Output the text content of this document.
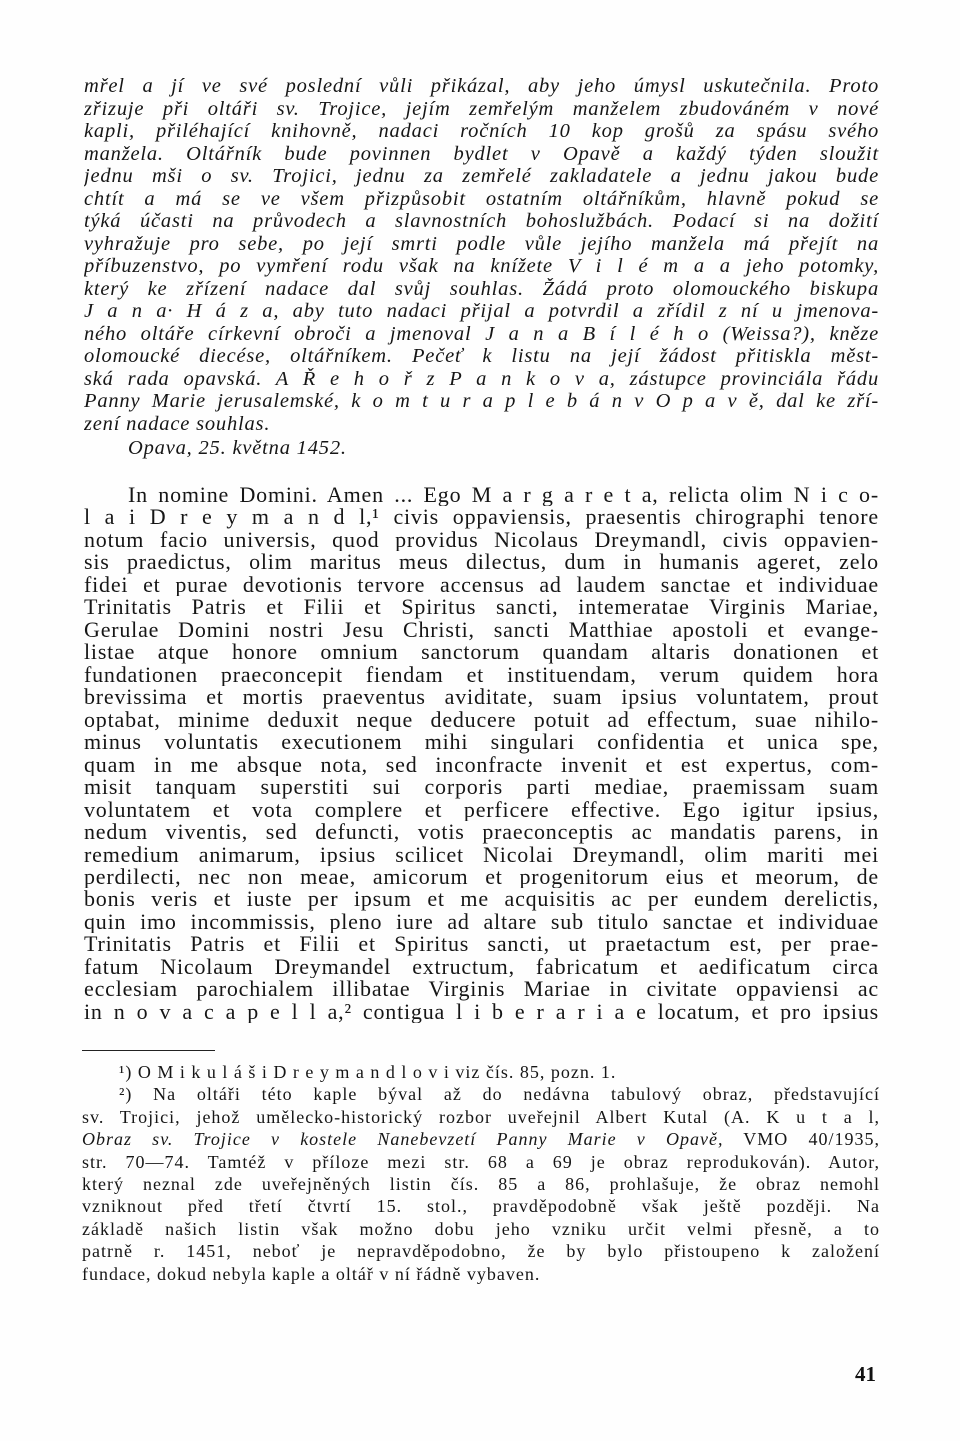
mřel a jí ve své poslední vůli přikázal, aby jeho úmysl uskutečnila. Proto
zřizuje při oltáři sv. Trojice, jejím zemřelým manželem zbudováném v nové
kapli, přiléhající knihovně, nadaci ročních 10 kop grošů za spásu svého
manžela. Oltářník bude povinnen bydlet v Opavě a každý týden sloužit
jednu mši o sv. Trojici, jednu za zemřelé zakladatele a jednu jakou bude
chtít a má se ve všem přizpůsobit ostatním oltářníkům, hlavně pokud se
týká účasti na průvodech a slavnostních bohoslužbách. Podací si na dožití
vyhražuje pro sebe, po její smrti podle vůle jejího manžela má přejít na
příbuzenstvo, po vymření rodu však na knížete V i l é m a a jeho potomky,
který ke zřízení nadace dal svůj souhlas. Žádá proto olomouckého biskupa
J a n a· H á z a, aby tuto nadaci přijal a potvrdil a zřídil z ní u jmenova-
ného oltáře církevní obroči a jmenoval J a n a B í l é h o (Weissa?), kněze
olomoucké diecése, oltářníkem. Pečeť k listu na její žádost přitiskla měst-
ská rada opavská. A Ř e h o ř z P a n k o v a, zástupce provinciála řádu
Panny Marie jerusalemské, k o m t u r a p l e b á n v O p a v ě, dal ke zří-
zení nadace souhlas.
Opava, 25. května 1452.
In nomine Domini. Amen ... Ego M a r g a r e t a, relicta olim N i c o-
l a i D r e y m a n d l,¹ civis oppaviensis, praesentis chirographi tenore
notum facio universis, quod providus Nicolaus Dreymandl, civis oppavien-
sis praedictus, olim maritus meus dilectus, dum in humanis ageret, zelo
fidei et purae devotionis tervore accensus ad laudem sanctae et individuae
Trinitatis Patris et Filii et Spiritus sancti, intemeratae Virginis Mariae,
Gerulae Domini nostri Jesu Christi, sancti Matthiae apostoli et evange-
listae atque honore omnium sanctorum quandam altaris donationen et
fundationen praeconcepit fiendam et instituendam, verum quidem hora
brevissima et mortis praeventus aviditate, suam ipsius voluntatem, prout
optabat, minime deduxit neque deducere potuit ad effectum, suae nihilo-
minus voluntatis executionem mihi singulari confidentia et unica spe,
quam in me absque nota, sed inconfracte invenit et est expertus, com-
misit tanquam superstiti sui corporis parti mediae, praemissam suam
voluntatem et vota complere et perficere effective. Ego igitur ipsius,
nedum viventis, sed defuncti, votis praeconceptis ac mandatis parens, in
remedium animarum, ipsius scilicet Nicolai Dreymandl, olim mariti mei
perdilecti, nec non meae, amicorum et progenitorum eius et meorum, de
bonis veris et iuste per ipsum et me acquisitis ac per eundem derelictis,
quin imo incommissis, pleno iure ad altare sub titulo sanctae et individuae
Trinitatis Patris et Filii et Spiritus sancti, ut praetactum est, per prae-
fatum Nicolaum Dreymandel extructum, fabricatum et aedificatum circa
ecclesiam parochialem illibatae Virginis Mariae in civitate oppaviensi ac
in n o v a c a p e l l a,² contigua l i b e r a r i a e locatum, et pro ipsius
¹) O M i k u l á š i D r e y m a n d l o v i viz čís. 85, pozn. 1.
²) Na oltáři této kaple býval až do nedávna tabulový obraz, představující
sv. Trojici, jehož umělecko-historický rozbor uveřejnil Albert Kutal (A. K u t a l,
Obraz sv. Trojice v kostele Nanebevzetí Panny Marie v Opavě, VMO 40/1935,
str. 70—74. Tamtéž v příloze mezi str. 68 a 69 je obraz reprodukován). Autor,
který neznal zde uveřejněných listin čís. 85 a 86, prohlašuje, že obraz nemohl
vzniknout před třetí čtvrtí 15. stol., pravděpodobně však ještě později. Na
základě našich listin však možno dobu jeho vzniku určit velmi přesně, a to
patrně r. 1451, neboť je nepravděpodobno, že by bylo přistoupeno k založení
fundace, dokud nebyla kaple a oltář v ní řádně vybaven.
41
